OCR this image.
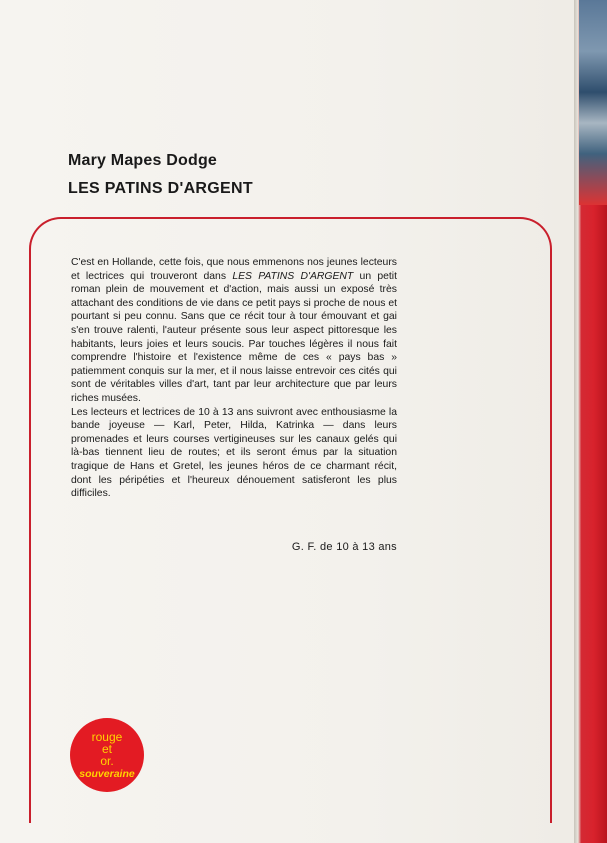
Mary Mapes Dodge
LES PATINS D'ARGENT

C'est en Hollande, cette fois, que nous emmenons nos jeunes lecteurs et lectrices qui trouveront dans LES PATINS D'ARGENT un petit roman plein de mouvement et d'action, mais aussi un exposé très attachant des conditions de vie dans ce petit pays si proche de nous et pourtant si peu connu. Sans que ce récit tour à tour émouvant et gai s'en trouve ralenti, l'auteur présente sous leur aspect pittoresque les habitants, leurs joies et leurs soucis. Par touches légères il nous fait comprendre l'histoire et l'existence même de ces « pays bas » patiemment conquis sur la mer, et il nous laisse entrevoir ces cités qui sont de véritables villes d'art, tant par leur architecture que par leurs riches musées.

Les lecteurs et lectrices de 10 à 13 ans suivront avec enthousiasme la bande joyeuse — Karl, Peter, Hilda, Katrinka — dans leurs promenades et leurs courses vertigineuses sur les canaux gelés qui là-bas tiennent lieu de routes; et ils seront émus par la situation tragique de Hans et Gretel, les jeunes héros de ce charmant récit, dont les péripéties et l'heureux dénouement satisferont les plus difficiles.

G. F. de 10 à 13 ans
rouge
et
or.
souveraine
